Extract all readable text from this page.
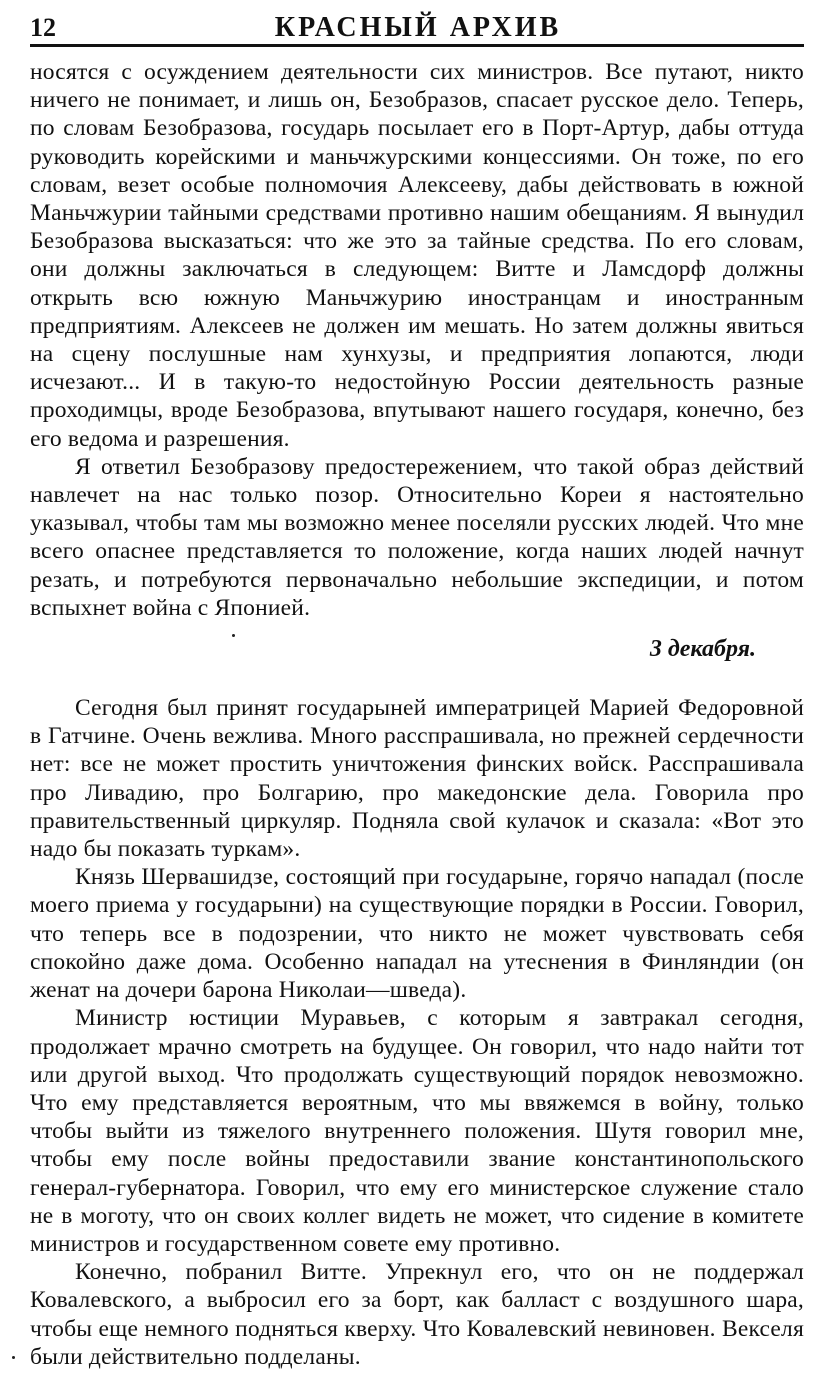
12	КРАСНЫЙ АРХИВ

носятся с осуждением деятельности сих министров. Все путают, никто ничего не понимает, и лишь он, Безобразов, спасает русское дело. Теперь, по словам Безобразова, государь посылает его в Порт-Артур, дабы оттуда руководить корейскими и маньчжурскими концессиями. Он тоже, по его словам, везет особые полномочия Алексееву, дабы действовать в южной Маньчжурии тайными средствами противно нашим обещаниям. Я вынудил Безобразова высказаться: что же это за тайные средства. По его словам, они должны заключаться в следующем: Витте и Ламсдорф должны открыть всю южную Маньчжурию иностранцам и иностранным предприятиям. Алексеев не должен им мешать. Но затем должны явиться на сцену послушные нам хунхузы, и предприятия лопаются, люди исчезают... И в такую-то недостойную России деятельность разные проходимцы, вроде Безобразова, впутывают нашего государя, конечно, без его ведома и разрешения.

Я ответил Безобразову предостережением, что такой образ действий навлечет на нас только позор. Относительно Кореи я настоятельно указывал, чтобы там мы возможно менее поселяли русских людей. Что мне всего опаснее представляется то положение, когда наших людей начнут резать, и потребуются первоначально небольшие экспедиции, и потом вспыхнет война с Японией.

3 декабря.

Сегодня был принят государыней императрицей Марией Федоровной в Гатчине. Очень вежлива. Много расспрашивала, но прежней сердечности нет: все не может простить уничтожения финских войск. Расспрашивала про Ливадию, про Болгарию, про македонские дела. Говорила про правительственный циркуляр. Подняла свой кулачок и сказала: «Вот это надо бы показать туркам».

Князь Шервашидзе, состоящий при государыне, горячо нападал (после моего приема у государыни) на существующие порядки в России. Говорил, что теперь все в подозрении, что никто не может чувствовать себя спокойно даже дома. Особенно нападал на утеснения в Финляндии (он женат на дочери барона Николаи—шведа).

Министр юстиции Муравьев, с которым я завтракал сегодня, продолжает мрачно смотреть на будущее. Он говорил, что надо найти тот или другой выход. Что продолжать существующий порядок невозможно. Что ему представляется вероятным, что мы ввяжемся в войну, только чтобы выйти из тяжелого внутреннего положения. Шутя говорил мне, чтобы ему после войны предоставили звание константинопольского генерал-губернатора. Говорил, что ему его министерское служение стало не в моготу, что он своих коллег видеть не может, что сидение в комитете министров и государственном совете ему противно.

Конечно, побранил Витте. Упрекнул его, что он не поддержал Ковалевского, а выбросил его за борт, как балласт с воздушного шара, чтобы еще немного подняться кверху. Что Ковалевский невиновен. Векселя были действительно подделаны.
